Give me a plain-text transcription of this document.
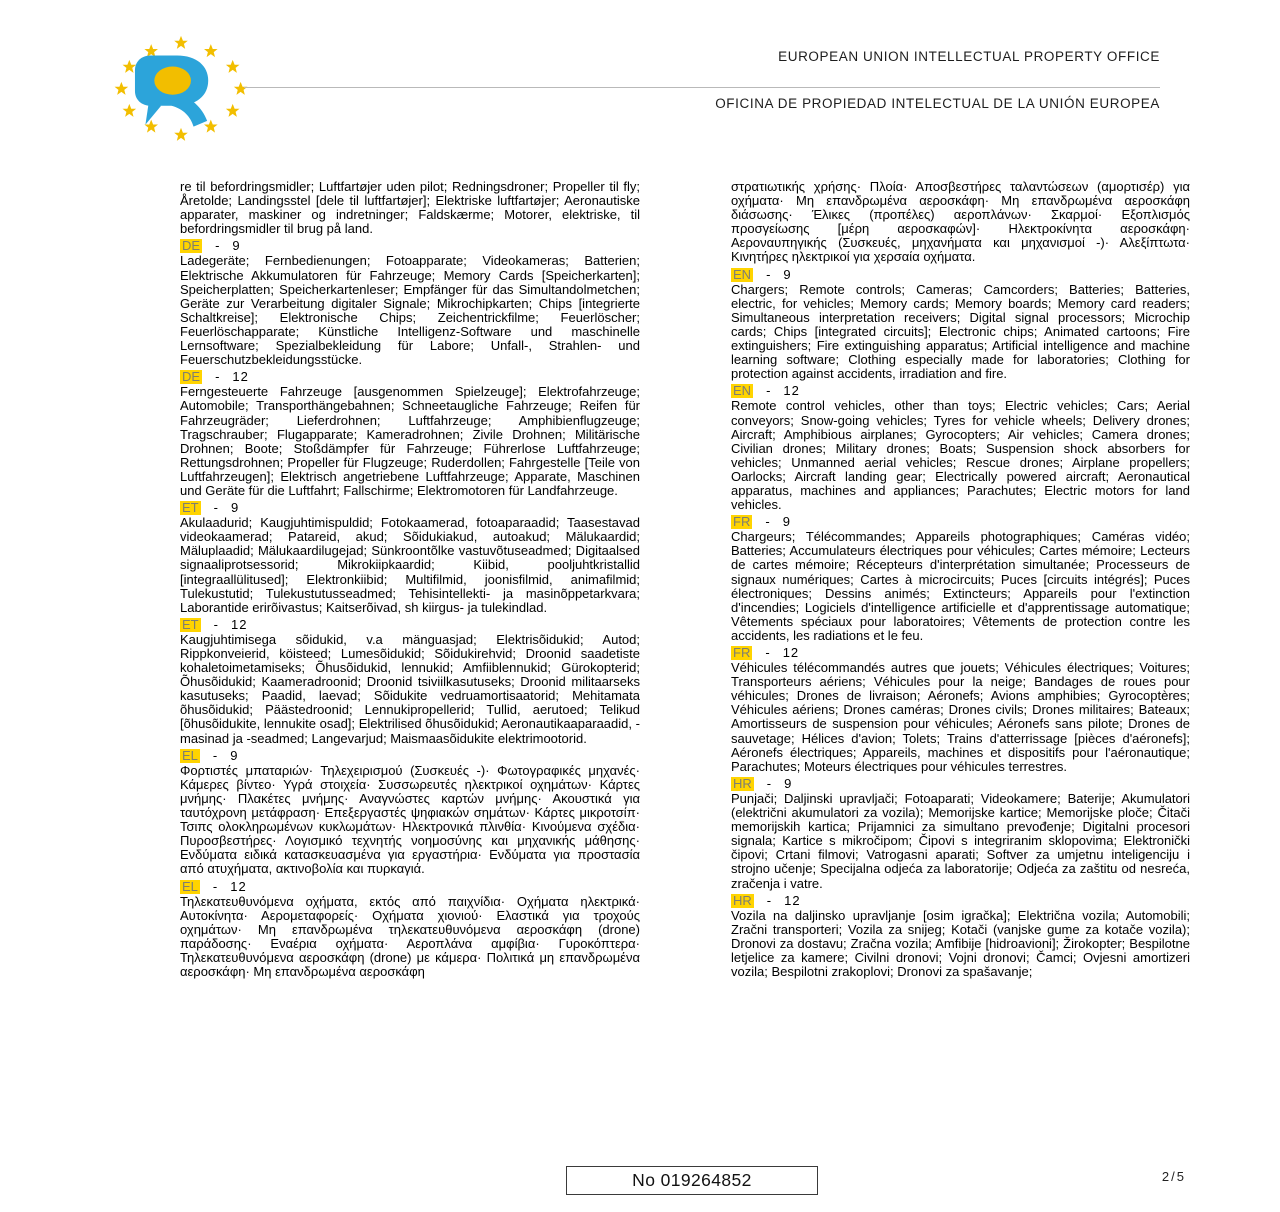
EUROPEAN UNION INTELLECTUAL PROPERTY OFFICE
OFICINA DE PROPIEDAD INTELECTUAL DE LA UNIÓN EUROPEA

re til befordringsmidler; Luftfartøjer uden pilot; Redningsdroner; Propeller til fly; Åretolde; Landingsstel [dele til luftfartøjer]; Elektriske luftfartøjer; Aeronautiske apparater, maskiner og indretninger; Faldskærme; Motorer, elektriske, til befordringsmidler til brug på land.

DE - 9

Ladegeräte; Fernbedienungen; Fotoapparate; Videokameras; Batterien; Elektrische Akkumulatoren für Fahrzeuge; Memory Cards [Speicherkarten]; Speicherplatten; Speicherkartenleser; Empfänger für das Simultandolmetchen; Geräte zur Verarbeitung digitaler Signale; Mikrochipkarten; Chips [integrierte Schaltkreise]; Elektronische Chips; Zeichentrickfilme; Feuerlöscher; Feuerlöschapparate; Künstliche Intelligenz-Software und maschinelle Lernsoftware; Spezialbekleidung für Labore; Unfall-, Strahlen- und Feuerschutzbekleidungsstücke.

DE - 12

Ferngesteuerte Fahrzeuge [ausgenommen Spielzeuge]; Elektrofahrzeuge; Automobile; Transporthängebahnen; Schneetaugliche Fahrzeuge; Reifen für Fahrzeugräder; Lieferdrohnen; Luftfahrzeuge; Amphibienflugzeuge; Tragschrauber; Flugapparate; Kameradrohnen; Zivile Drohnen; Militärische Drohnen; Boote; Stoßdämpfer für Fahrzeuge; Führerlose Luftfahrzeuge; Rettungsdrohnen; Propeller für Flugzeuge; Ruderdollen; Fahrgestelle [Teile von Luftfahrzeugen]; Elektrisch angetriebene Luftfahrzeuge; Apparate, Maschinen und Geräte für die Luftfahrt; Fallschirme; Elektromotoren für Landfahrzeuge.

ET - 9

Akulaadurid; Kaugjuhtimispuldid; Fotokaamerad, fotoaparaadid; Taasestavad videokaamerad; Patareid, akud; Sõidukiakud, autoakud; Mälukaardid; Mäluplaadid; Mälukaardilugejad; Sünkroontõlke vastuvõtuseadmed; Digitaalsed signaaliprotsessorid; Mikrokiipkaardid; Kiibid, pooljuhtkristallid [integraallülitused]; Elektronkiibid; Multifilmid, joonisfilmid, animafilmid; Tulekustutid; Tulekustutusseadmed; Tehisintellekti- ja masinõppetarkvara; Laborantide erirõivastus; Kaitserõivad, sh kiirgus- ja tulekindlad.

ET - 12

Kaugjuhtimisega sõidukid, v.a mänguasjad; Elektrisõidukid; Autod; Rippkonveierid, köisteed; Lumesõidukid; Sõidukirehvid; Droonid saadetiste kohaletoimetamiseks; Õhusõidukid, lennukid; Amfiiblennukid; Gürokopterid; Õhusõidukid; Kaameradroonid; Droonid tsiviilkasutuseks; Droonid militaarseks kasutuseks; Paadid, laevad; Sõidukite vedruamortisaatorid; Mehitamata õhusõidukid; Päästedroonid; Lennukipropellerid; Tullid, aerutoed; Telikud [õhusõidukite, lennukite osad]; Elektrilised õhusõidukid; Aeronautikaaparaadid, -masinad ja -seadmed; Langevarjud; Maismaasõidukite elektrimootorid.

EL - 9

Φορτιστές μπαταριών· Τηλεχειρισμού (Συσκευές -)· Φωτογραφικές μηχανές· Κάμερες βίντεο· Υγρά στοιχεία· Συσσωρευτές ηλεκτρικοί οχημάτων· Κάρτες μνήμης· Πλακέτες μνήμης· Αναγνώστες καρτών μνήμης· Ακουστικά για ταυτόχρονη μετάφραση· Επεξεργαστές ψηφιακών σημάτων· Κάρτες μικροτσίπ· Τσιπς ολοκληρωμένων κυκλωμάτων· Ηλεκτρονικά πλινθία· Κινούμενα σχέδια· Πυροσβεστήρες· Λογισμικό τεχνητής νοημοσύνης και μηχανικής μάθησης· Ενδύματα ειδικά κατασκευασμένα για εργαστήρια· Ενδύματα για προστασία από ατυχήματα, ακτινοβολία και πυρκαγιά.

EL - 12

Τηλεκατευθυνόμενα οχήματα, εκτός από παιχνίδια· Οχήματα ηλεκτρικά· Αυτοκίνητα· Αερομεταφορείς· Οχήματα χιονιού· Ελαστικά για τροχούς οχημάτων· Μη επανδρωμένα τηλεκατευθυνόμενα αεροσκάφη (drone) παράδοσης· Εναέρια οχήματα· Αεροπλάνα αμφίβια· Γυροκόπτερα· Τηλεκατευθυνόμενα αεροσκάφη (drone) με κάμερα· Πολιτικά μη επανδρωμένα αεροσκάφη· Μη επανδρωμένα αεροσκάφη

στρατιωτικής χρήσης· Πλοία· Αποσβεστήρες ταλαντώσεων (αμορτισέρ) για οχήματα· Μη επανδρωμένα αεροσκάφη· Μη επανδρωμένα αεροσκάφη διάσωσης· Έλικες (προπέλες) αεροπλάνων· Σκαρμοί· Εξοπλισμός προσγείωσης [μέρη αεροσκαφών]· Ηλεκτροκίνητα αεροσκάφη· Αεροναυπηγικής (Συσκευές, μηχανήματα και μηχανισμοί -)· Αλεξίπτωτα· Κινητήρες ηλεκτρικοί για χερσαία οχήματα.

EN - 9

Chargers; Remote controls; Cameras; Camcorders; Batteries; Batteries, electric, for vehicles; Memory cards; Memory boards; Memory card readers; Simultaneous interpretation receivers; Digital signal processors; Microchip cards; Chips [integrated circuits]; Electronic chips; Animated cartoons; Fire extinguishers; Fire extinguishing apparatus; Artificial intelligence and machine learning software; Clothing especially made for laboratories; Clothing for protection against accidents, irradiation and fire.

EN - 12

Remote control vehicles, other than toys; Electric vehicles; Cars; Aerial conveyors; Snow-going vehicles; Tyres for vehicle wheels; Delivery drones; Aircraft; Amphibious airplanes; Gyrocopters; Air vehicles; Camera drones; Civilian drones; Military drones; Boats; Suspension shock absorbers for vehicles; Unmanned aerial vehicles; Rescue drones; Airplane propellers; Oarlocks; Aircraft landing gear; Electrically powered aircraft; Aeronautical apparatus, machines and appliances; Parachutes; Electric motors for land vehicles.

FR - 9

Chargeurs; Télécommandes; Appareils photographiques; Caméras vidéo; Batteries; Accumulateurs électriques pour véhicules; Cartes mémoire; Lecteurs de cartes mémoire; Récepteurs d'interprétation simultanée; Processeurs de signaux numériques; Cartes à microcircuits; Puces [circuits intégrés]; Puces électroniques; Dessins animés; Extincteurs; Appareils pour l'extinction d'incendies; Logiciels d'intelligence artificielle et d'apprentissage automatique; Vêtements spéciaux pour laboratoires; Vêtements de protection contre les accidents, les radiations et le feu.

FR - 12

Véhicules télécommandés autres que jouets; Véhicules électriques; Voitures; Transporteurs aériens; Véhicules pour la neige; Bandages de roues pour véhicules; Drones de livraison; Aéronefs; Avions amphibies; Gyrocoptères; Véhicules aériens; Drones caméras; Drones civils; Drones militaires; Bateaux; Amortisseurs de suspension pour véhicules; Aéronefs sans pilote; Drones de sauvetage; Hélices d'avion; Tolets; Trains d'atterrissage [pièces d'aéronefs]; Aéronefs électriques; Appareils, machines et dispositifs pour l'aéronautique; Parachutes; Moteurs électriques pour véhicules terrestres.

HR - 9

Punjači; Daljinski upravljači; Fotoaparati; Videokamere; Baterije; Akumulatori (električni akumulatori za vozila); Memorijske kartice; Memorijske ploče; Čitači memorijskih kartica; Prijamnici za simultano prevođenje; Digitalni procesori signala; Kartice s mikročipom; Čipovi s integriranim sklopovima; Elektronički čipovi; Crtani filmovi; Vatrogasni aparati; Softver za umjetnu inteligenciju i strojno učenje; Specijalna odjeća za laboratorije; Odjeća za zaštitu od nesreća, zračenja i vatre.

HR - 12

Vozila na daljinsko upravljanje [osim igračka]; Električna vozila; Automobili; Zračni transporteri; Vozila za snijeg; Kotači (vanjske gume za kotače vozila); Dronovi za dostavu; Zračna vozila; Amfibije [hidroavioni]; Žirokopter; Bespilotne letjelice za kamere; Civilni dronovi; Vojni dronovi; Čamci; Ovjesni amortizeri vozila; Bespilotni zrakoplovi; Dronovi za spašavanje;

No 019264852	2/5
